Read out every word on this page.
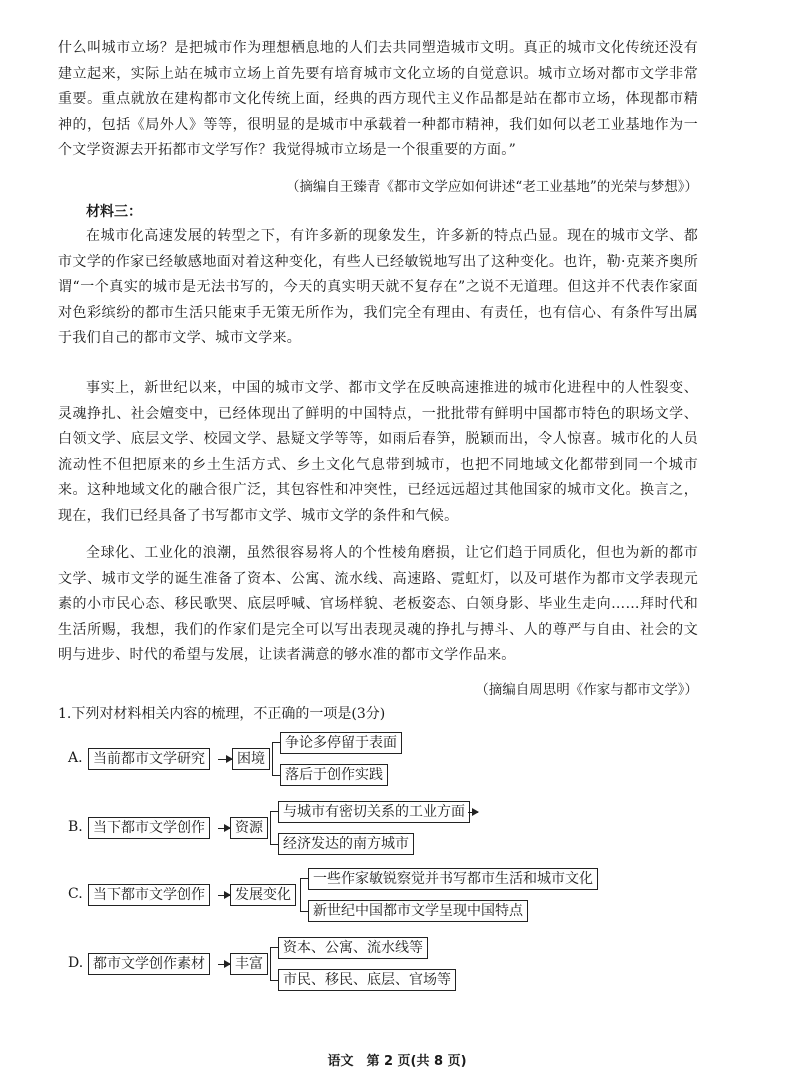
什么叫城市立场？是把城市作为理想栖息地的人们去共同塑造城市文明。真正的城市文化传统还没有建立起来，实际上站在城市立场上首先要有培育城市文化立场的自觉意识。城市立场对都市文学非常重要。重点就放在建构都市文化传统上面，经典的西方现代主义作品都是站在都市立场，体现都市精神的，包括《局外人》等等，很明显的是城市中承载着一种都市精神，我们如何以老工业基地作为一个文学资源去开拓都市文学写作？我觉得城市立场是一个很重要的方面。”

（摘编自王臻青《都市文学应如何讲述“老工业基地”的光荣与梦想》）

材料三：

在城市化高速发展的转型之下，有许多新的现象发生，许多新的特点凸显。现在的城市文学、都市文学的作家已经敏感地面对着这种变化，有些人已经敏锐地写出了这种变化。也许，勒·克莱齐奥所谓“一个真实的城市是无法书写的，今天的真实明天就不复存在”之说不无道理。但这并不代表作家面对色彩缤纷的都市生活只能束手无策无所作为，我们完全有理由、有责任，也有信心、有条件写出属于我们自己的都市文学、城市文学来。

事实上，新世纪以来，中国的城市文学、都市文学在反映高速推进的城市化进程中的人性裂变、灵魂挣扎、社会嬗变中，已经体现出了鲜明的中国特点，一批批带有鲜明中国都市特色的职场文学、白领文学、底层文学、校园文学、悬疑文学等等，如雨后春笋，脱颖而出，令人惊喜。城市化的人员流动性不但把原来的乡土生活方式、乡土文化气息带到城市，也把不同地域文化都带到同一个城市来。这种地域文化的融合很广泛，其包容性和冲突性，已经远远超过其他国家的城市文化。换言之，现在，我们已经具备了书写都市文学、城市文学的条件和气候。

全球化、工业化的浪潮，虽然很容易将人的个性棱角磨损，让它们趋于同质化，但也为新的都市文学、城市文学的诞生准备了资本、公寓、流水线、高速路、霓虹灯，以及可堪作为都市文学表现元素的小市民心态、移民歌哭、底层呼喊、官场样貌、老板姿态、白领身影、毕业生走向……拜时代和生活所赐，我想，我们的作家们是完全可以写出表现灵魂的挣扎与搏斗、人的尊严与自由、社会的文明与进步、时代的希望与发展，让读者满意的够水准的都市文学作品来。

（摘编自周思明《作家与都市文学》）

1.下列对材料相关内容的梳理，不正确的一项是(3分)

A. 当前都市文学研究	困境
争论多停留于表面
落后于创作实践
B. 当下都市文学创作	资源
与城市有密切关系的工业方面
经济发达的南方城市
C. 当下都市文学创作	发展变化
一些作家敏锐察觉并书写都市生活和城市文化
新世纪中国都市文学呈现中国特点
D. 都市文学创作素材	丰富
资本、公寓、流水线等
市民、移民、底层、官场等

语文　第 2 页(共 8 页)
